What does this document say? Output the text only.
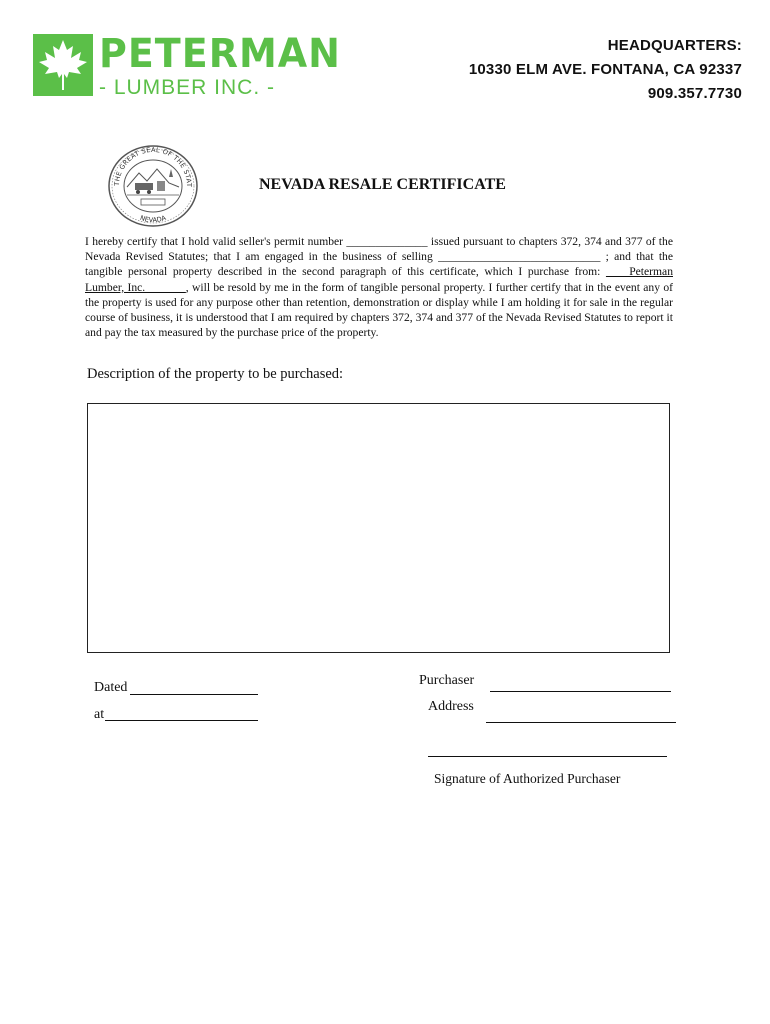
PETERMAN
- LUMBER INC. -
HEADQUARTERS:
10330 ELM AVE. FONTANA, CA 92337
909.357.7730
THE GREAT SEAL OF THE STAT
NEVADA
NEVADA RESALE CERTIFICATE
I hereby certify that I hold valid seller's permit number ______________ issued pursuant to chapters 372, 374 and 377 of the Nevada Revised Statutes; that I am engaged in the business of selling ____________________________ ; and that the tangible personal property described in the second paragraph of this certificate, which I purchase from: ____Peterman Lumber, Inc._______, will be resold by me in the form of tangible personal property. I further certify that in the event any of the property is used for any purpose other than retention, demonstration or display while I am holding it for sale in the regular course of business, it is understood that I am required by chapters 372, 374 and 377 of the Nevada Revised Statutes to report it and pay the tax measured by the purchase price of the property.
Description of the property to be purchased:
Dated
at
Purchaser
Address
Signature of Authorized Purchaser
